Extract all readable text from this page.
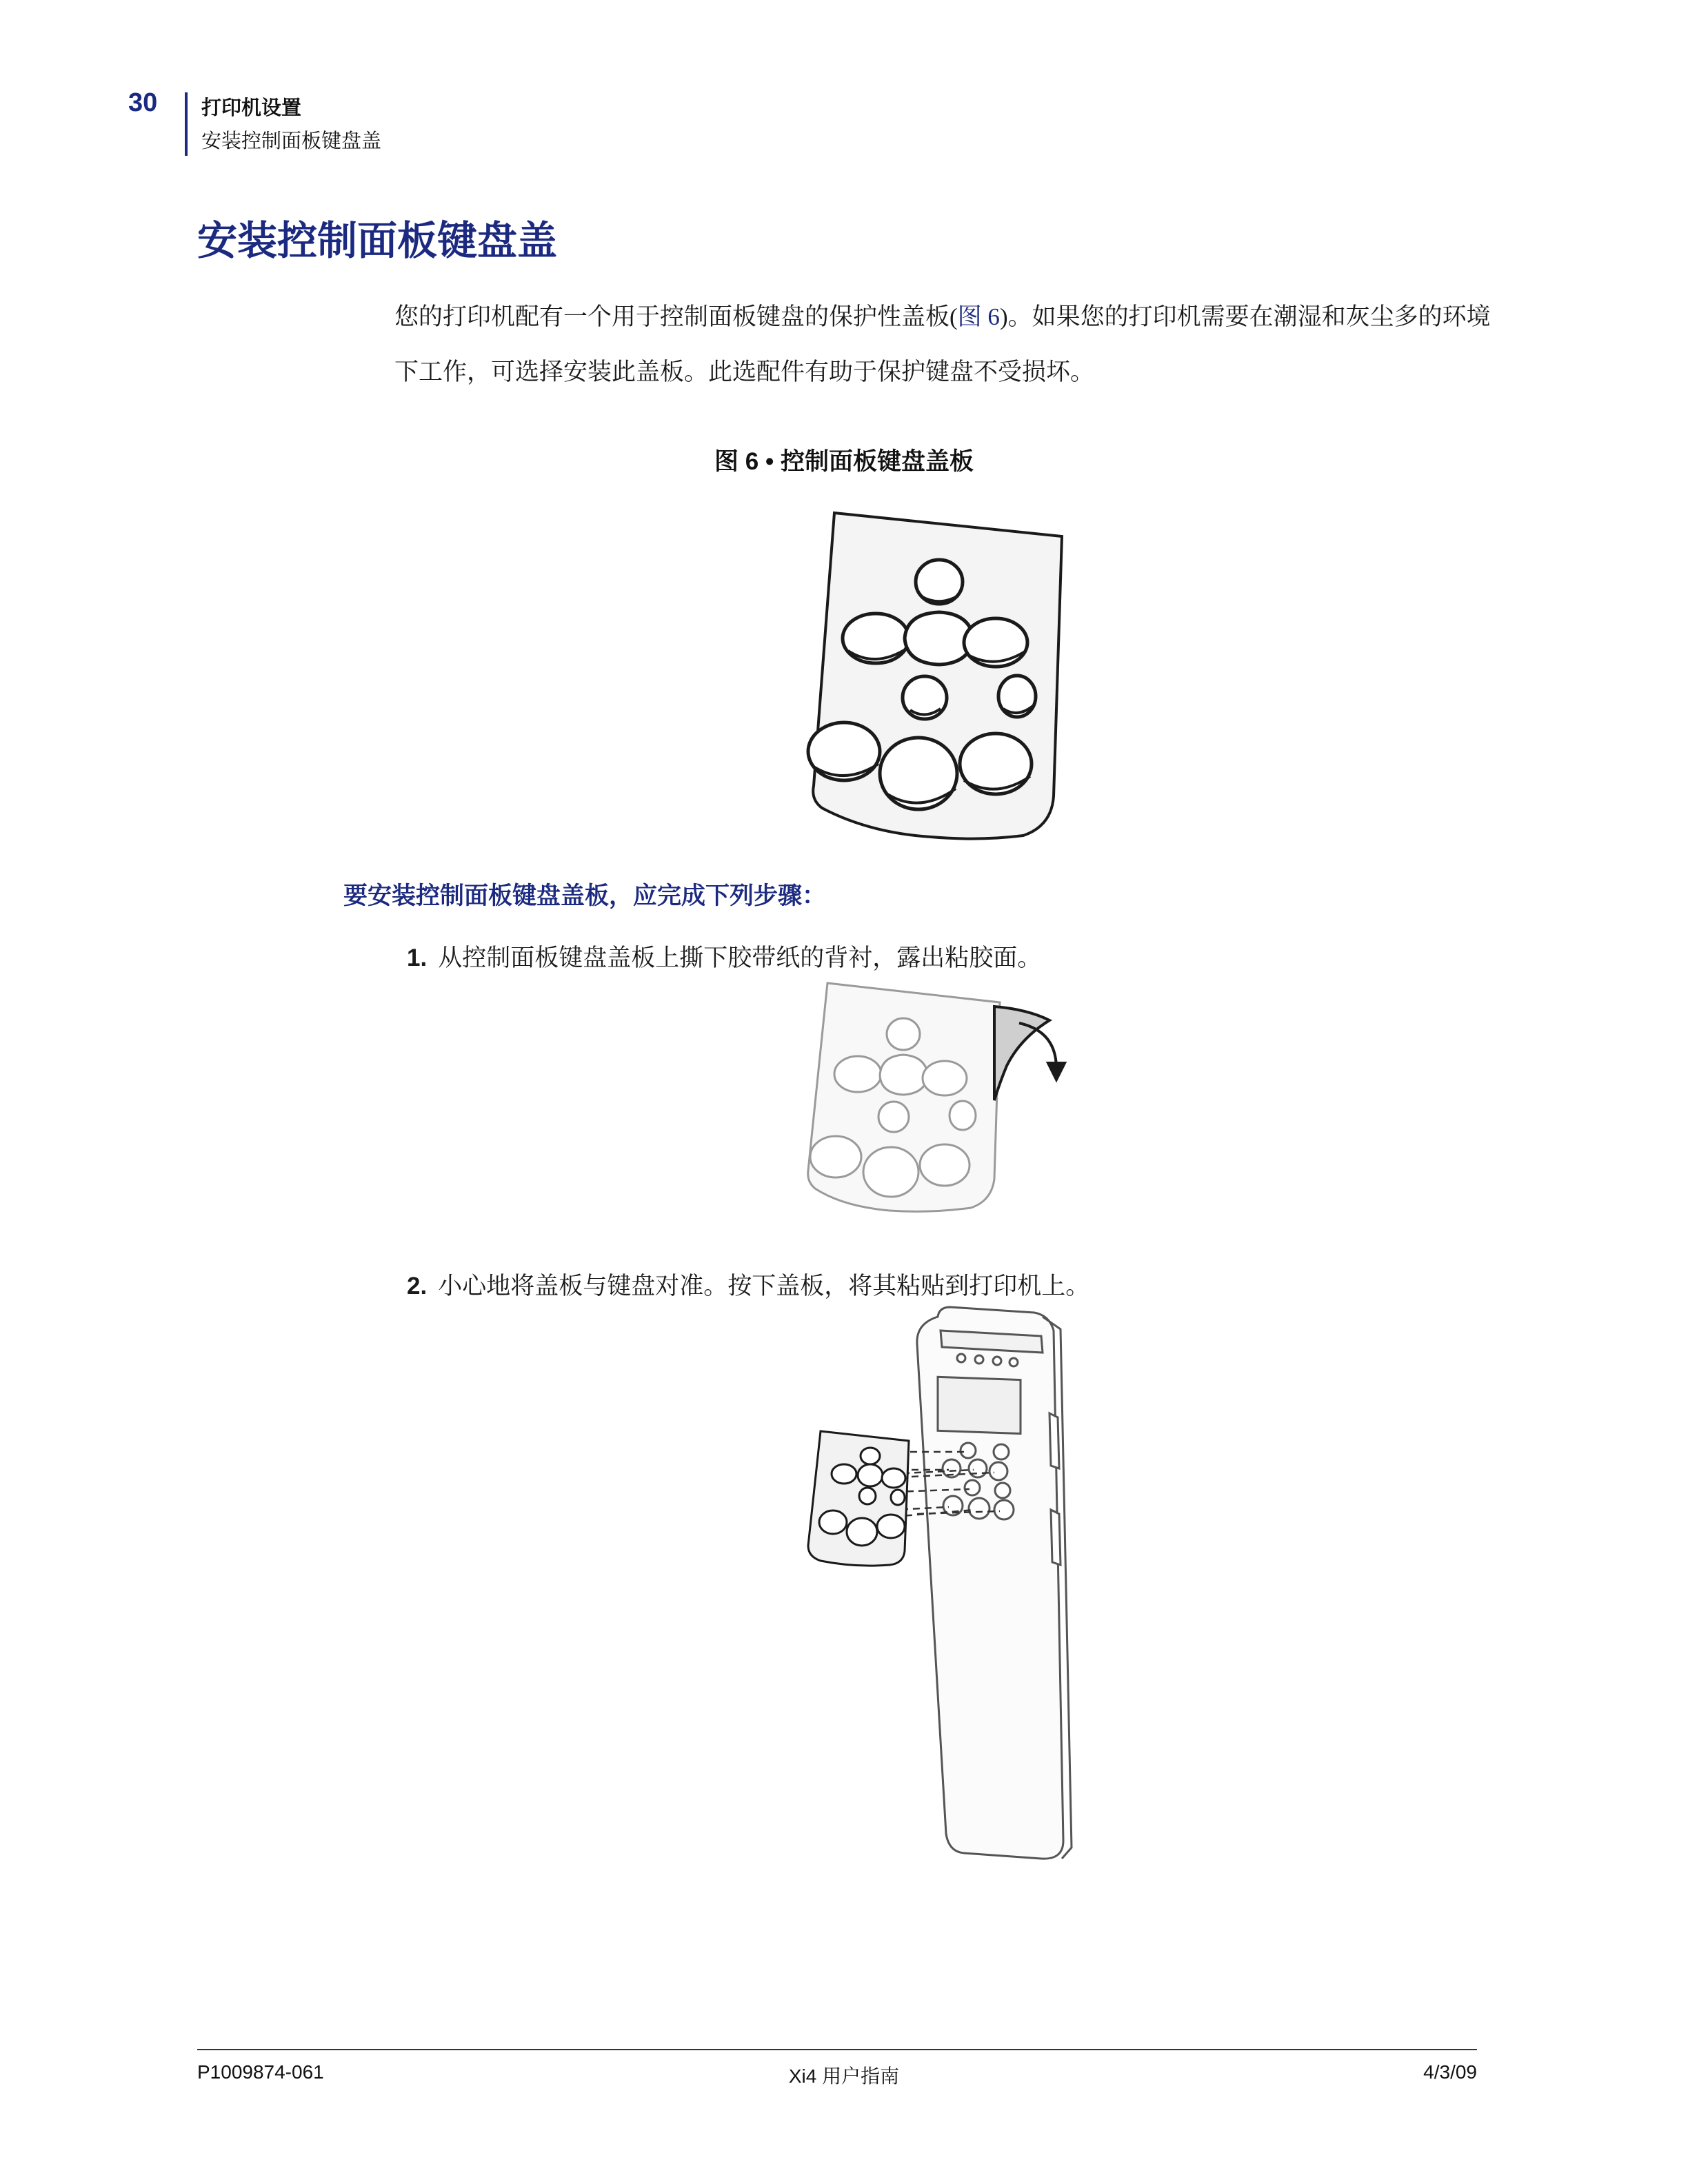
30 打印机设置
安装控制面板键盘盖
安装控制面板键盘盖

您的打印机配有一个用于控制面板键盘的保护性盖板(图 6)。如果您的打印机需要在潮湿和灰尘多的环境下工作，可选择安装此盖板。此选配件有助于保护键盘不受损坏。

图 6 • 控制面板键盘盖板
要安装控制面板键盘盖板，应完成下列步骤：
1. 从控制面板键盘盖板上撕下胶带纸的背衬，露出粘胶面。
2. 小心地将盖板与键盘对准。按下盖板，将其粘贴到打印机上。
P1009874-061	Xi4 用户指南	4/3/09
